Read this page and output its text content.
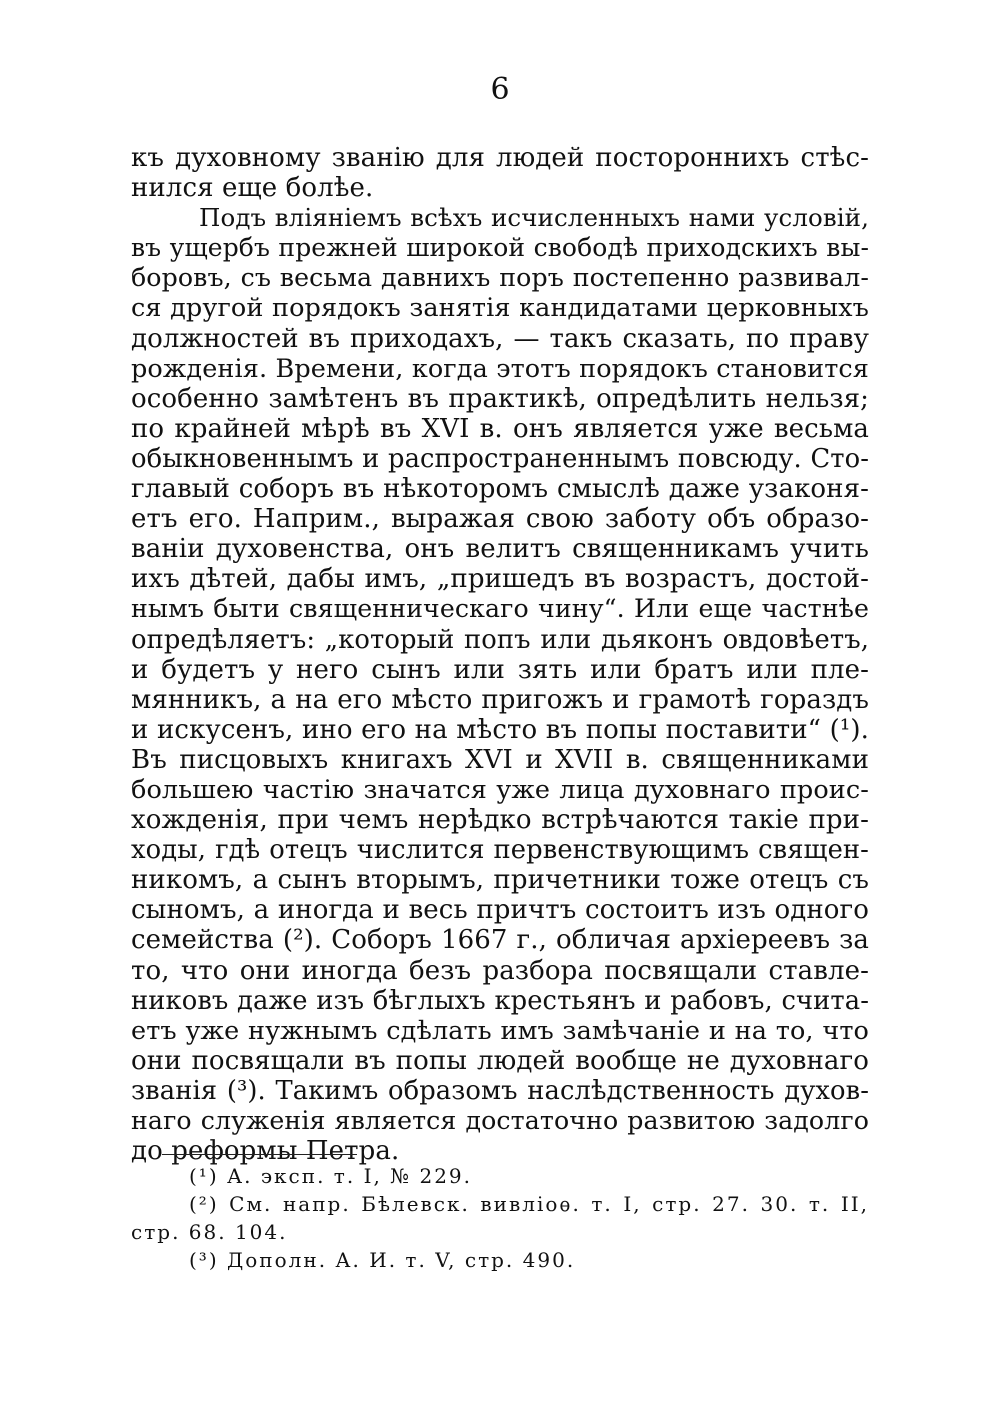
6
къ духовному званію для людей постороннихъ стѣс-
нился еще болѣе.
Подъ вліяніемъ всѣхъ исчисленныхъ нами условій,
въ ущербъ прежней широкой свободѣ приходскихъ вы-
боровъ, съ весьма давнихъ поръ постепенно развивал-
ся другой порядокъ занятія кандидатами церковныхъ
должностей въ приходахъ, — такъ сказать, по праву
рожденія. Времени, когда этотъ порядокъ становится
особенно замѣтенъ въ практикѣ, опредѣлить нельзя;
по крайней мѣрѣ въ XVI в. онъ является уже весьма
обыкновеннымъ и распространеннымъ повсюду. Сто-
главый соборъ въ нѣкоторомъ смыслѣ даже узаконя-
етъ его. Наприм., выражая свою заботу объ образо-
ваніи духовенства, онъ велитъ священникамъ учить
ихъ дѣтей, дабы имъ, „пришедъ въ возрастъ, достой-
нымъ быти священническаго чину“. Или еще частнѣе
опредѣляетъ: „который попъ или дьяконъ овдовѣетъ,
и будетъ у него сынъ или зять или братъ или пле-
мянникъ, а на его мѣсто пригожъ и грамотѣ гораздъ
и искусенъ, ино его на мѣсто въ попы поставити“ (¹).
Въ писцовыхъ книгахъ XVI и XVII в. священниками
большею частію значатся уже лица духовнаго проис-
хожденія, при чемъ нерѣдко встрѣчаются такіе при-
ходы, гдѣ отецъ числится первенствующимъ священ-
никомъ, а сынъ вторымъ, причетники тоже отецъ съ
сыномъ, а иногда и весь причтъ состоитъ изъ одного
семейства (²). Соборъ 1667 г., обличая архіереевъ за
то, что они иногда безъ разбора посвящали ставле-
никовъ даже изъ бѣглыхъ крестьянъ и рабовъ, счита-
етъ уже нужнымъ сдѣлать имъ замѣчаніе и на то, что
они посвящали въ попы людей вообще не духовнаго
званія (³). Такимъ образомъ наслѣдственность духов-
наго служенія является достаточно развитою задолго
до реформы Петра.
(¹) А. эксп. т. I, № 229.
(²) См. напр. Бѣлевск. вивліоѳ. т. I, стр. 27. 30. т. II,
стр. 68. 104.
(³) Дополн. А. И. т. V, стр. 490.
